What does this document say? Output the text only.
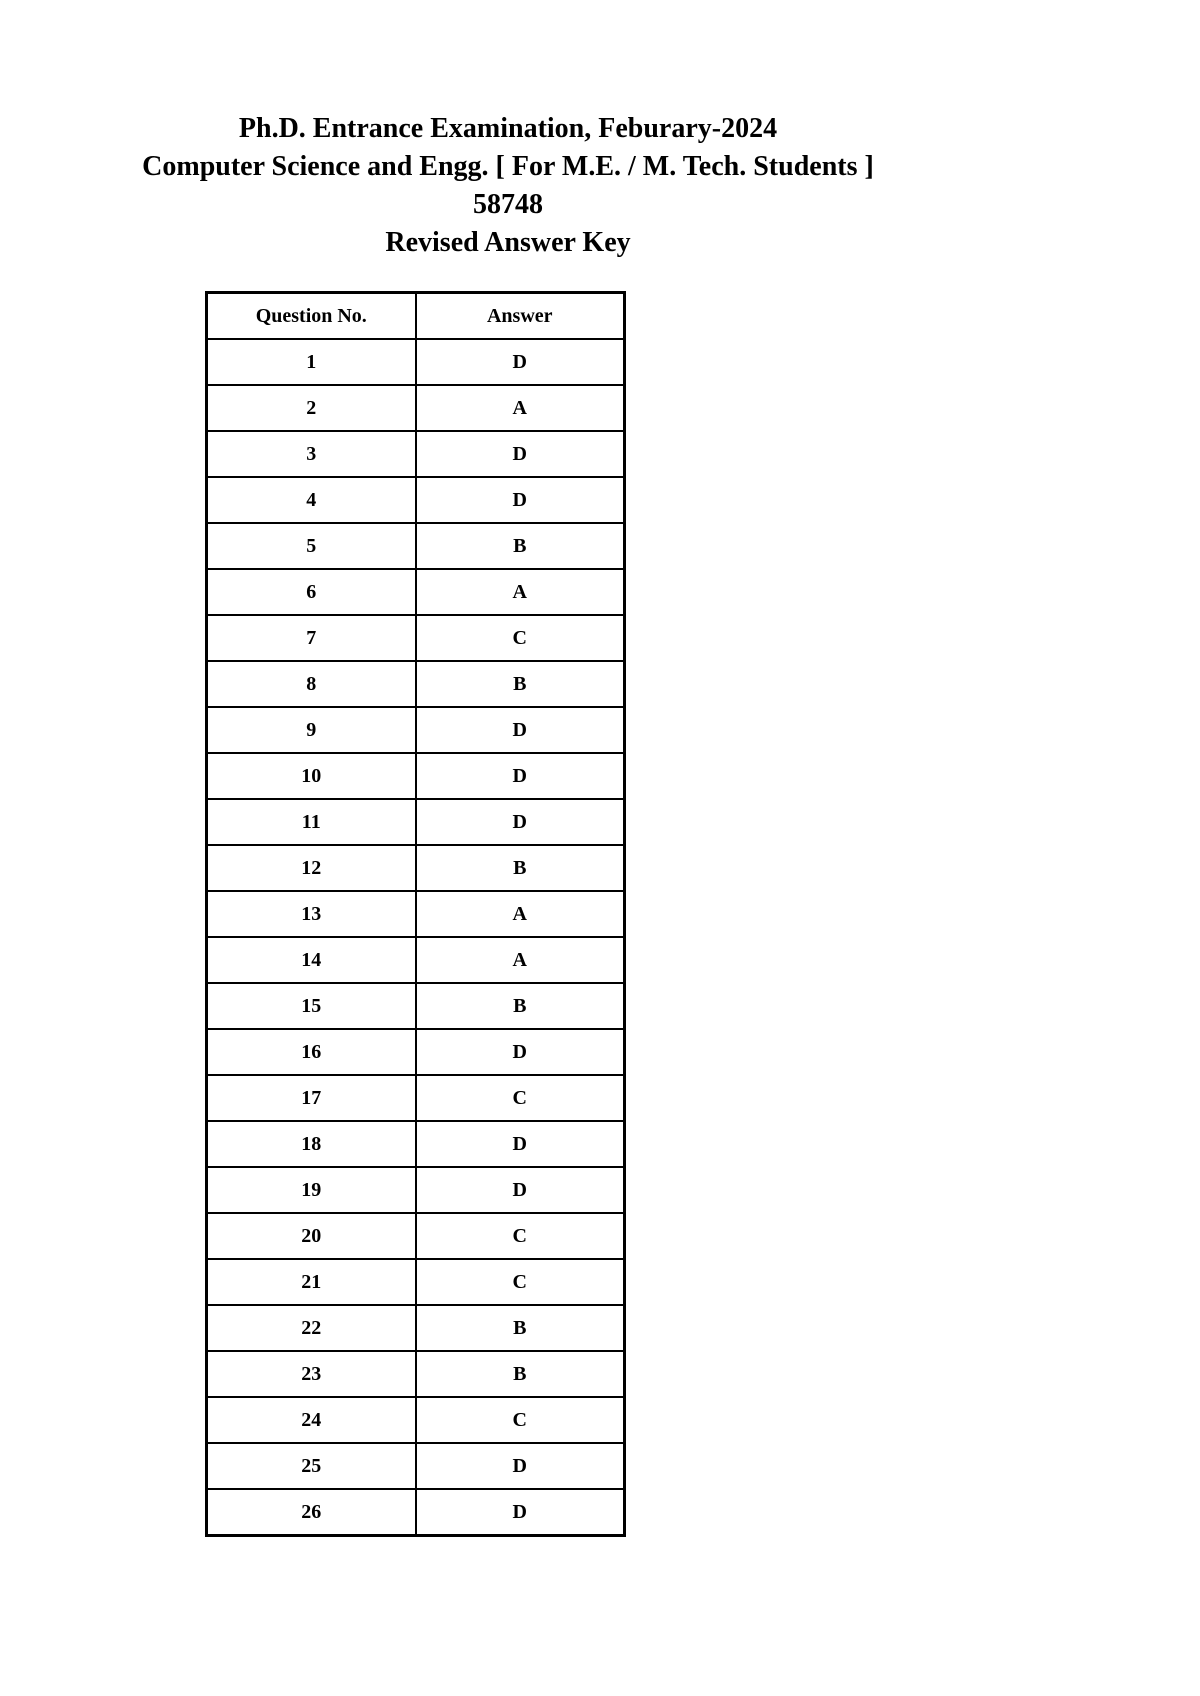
Ph.D. Entrance Examination, Feburary-2024
Computer Science and Engg. [ For M.E. / M. Tech. Students ]
58748
Revised Answer Key
Question No.	Answer
1	D
2	A
3	D
4	D
5	B
6	A
7	C
8	B
9	D
10	D
11	D
12	B
13	A
14	A
15	B
16	D
17	C
18	D
19	D
20	C
21	C
22	B
23	B
24	C
25	D
26	D
